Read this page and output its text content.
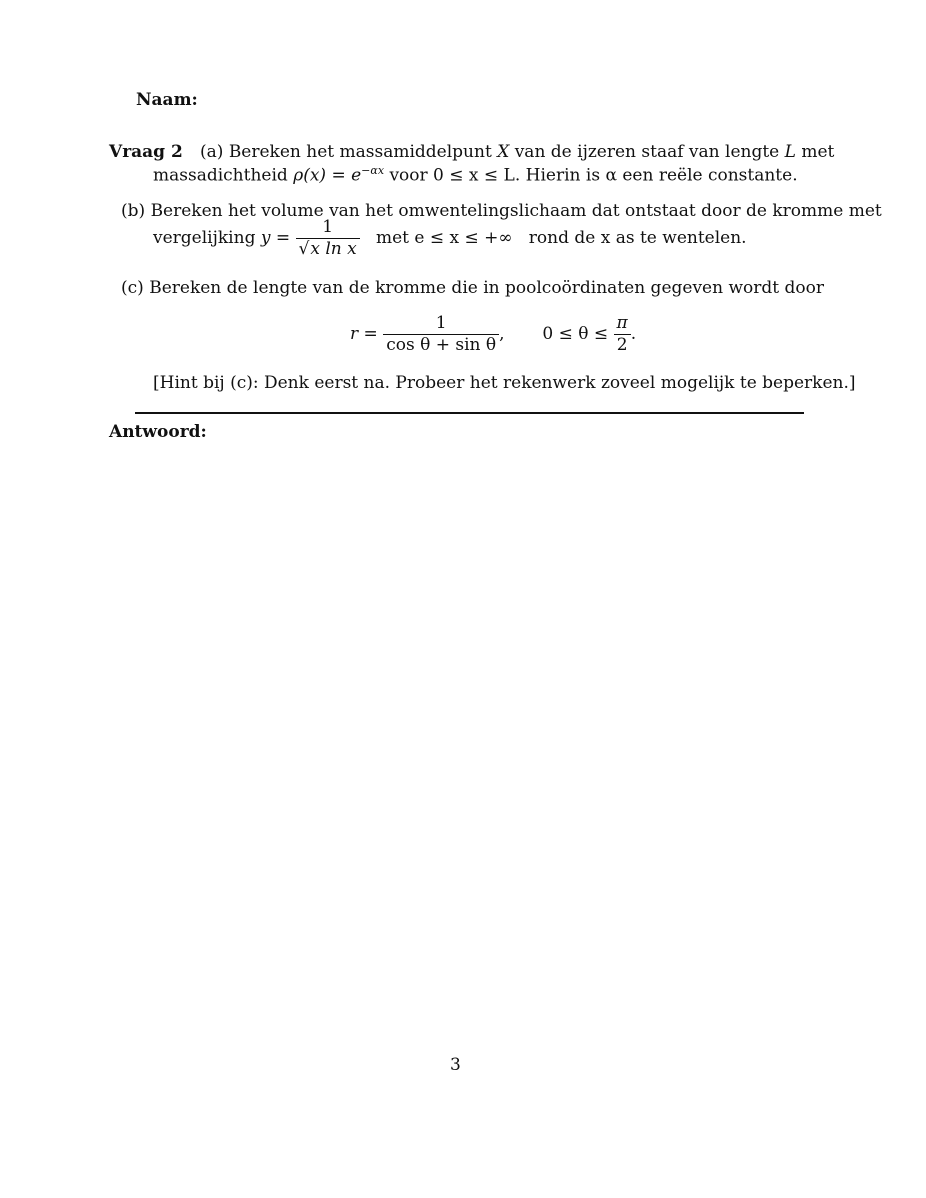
Naam:
Vraag 2 (a) Bereken het massamiddelpunt X van de ijzeren staaf van lengte L met
massadichtheid $\rho(x) = e^{-\alpha x}$ voor 0 ≤ x ≤ L. Hierin is α een reële constante.
(b) Bereken het volume van het omwentelingslichaam dat ontstaat door de kromme met
vergelijking $y = \frac{1}{\text{√x ln x}}$ met e ≤ x ≤ +∞ rond de x as te wentelen.
(c) Bereken de lengte van de kromme die in poolcoördinaten gegeven wordt door
$r = \frac{1}{\text{cos θ + sin θ}}$ , $0 \le \theta \le \frac{\pi}{2}$ .
[Hint bij (c): Denk eerst na. Probeer het rekenwerk zoveel mogelijk te beperken.]
Antwoord:
3
